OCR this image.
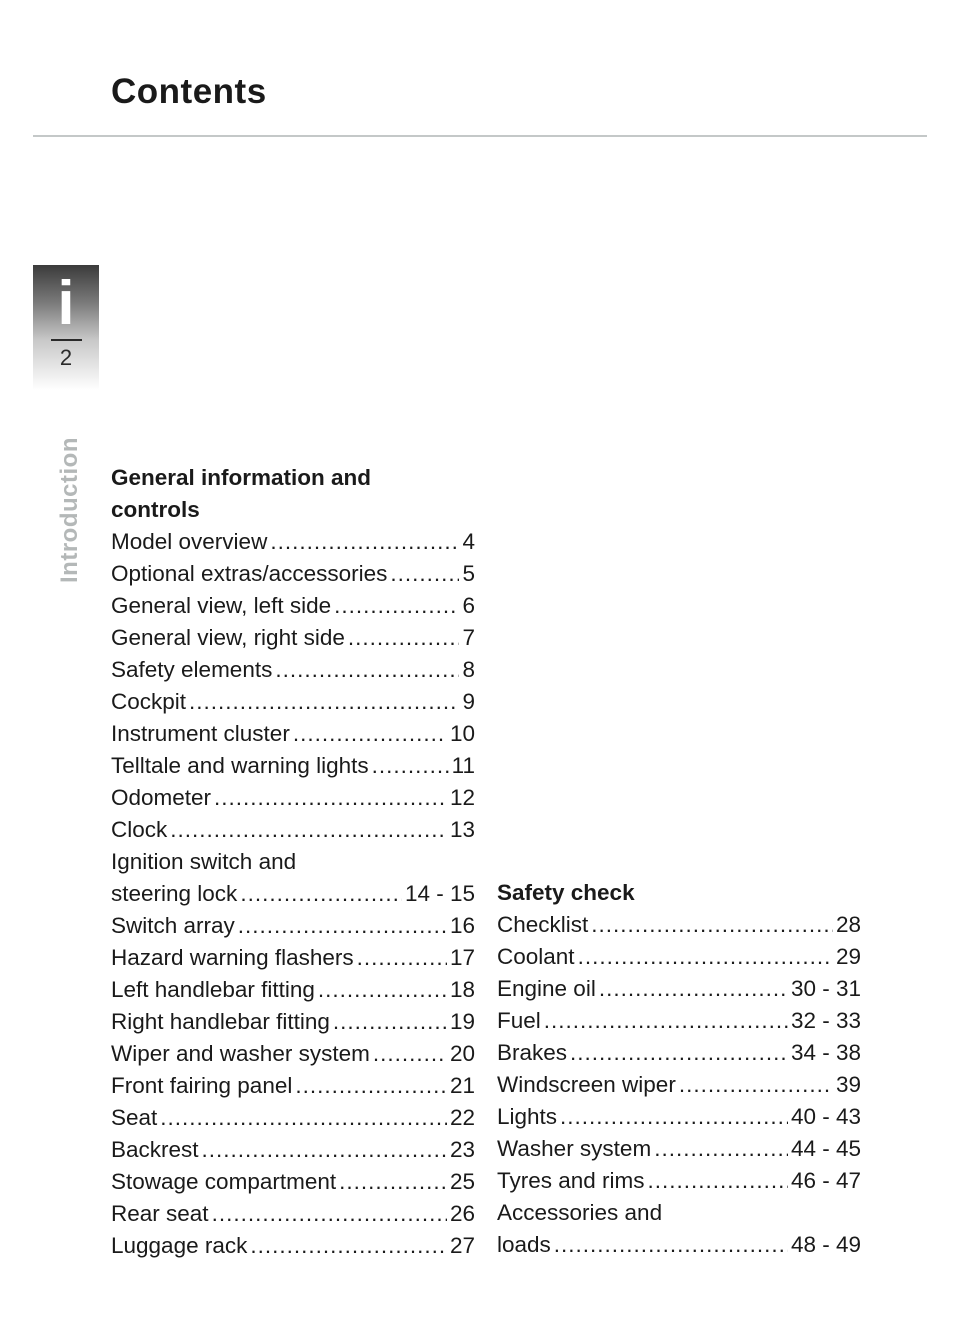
Contents
i
2
Introduction General information and
controls
Model overview .....	4
Optional extras/accessories .....	5
General view, left side .....	6
General view, right side .....	7
Safety elements .....	8
Cockpit .....	9
Instrument cluster .....	10
Telltale and warning lights .....	11
Odometer .....	12
Clock .....	13
Ignition switch and
steering lock .....	14 - 15
Switch array .....	16
Hazard warning flashers .....	17
Left handlebar fitting .....	18
Right handlebar fitting .....	19
Wiper and washer system .....	20
Front fairing panel .....	21
Seat .....	22
Backrest .....	23
Stowage compartment .....	25
Rear seat .....	26
Luggage rack .....	27
Safety check
Checklist .....	28
Coolant .....	29
Engine oil .....	30 - 31
Fuel .....	32 - 33
Brakes .....	34 - 38
Windscreen wiper .....	39
Lights .....	40 - 43
Washer system .....	44 - 45
Tyres and rims .....	46 - 47
Accessories and
loads .....	48 - 49
